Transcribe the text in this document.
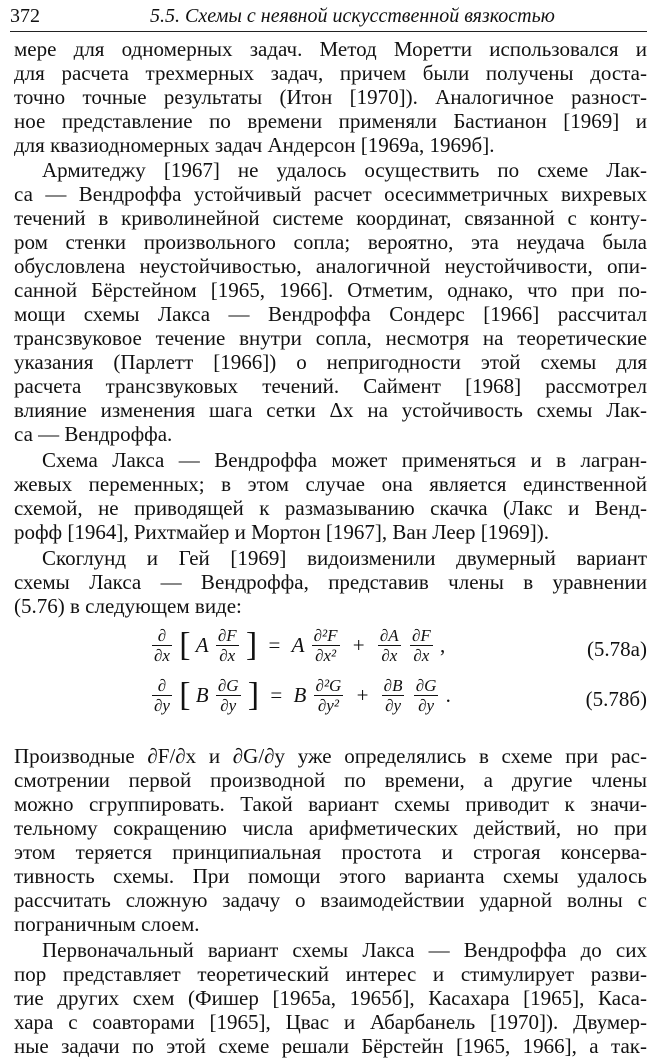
372	5.5. Схемы с неявной искусственной вязкостью
мере для одномерных задач. Метод Моретти использовался и
для расчета трехмерных задач, причем были получены доста-
точно точные результаты (Итон [1970]). Аналогичное разност-
ное представление по времени применяли Бастианон [1969] и
для квазиодномерных задач Андерсон [1969а, 1969б].
Армитеджу [1967] не удалось осуществить по схеме Лак-
са — Вендроффа устойчивый расчет осесимметричных вихревых
течений в криволинейной системе координат, связанной с конту-
ром стенки произвольного сопла; вероятно, эта неудача была
обусловлена неустойчивостью, аналогичной неустойчивости, опи-
санной Бёрстейном [1965, 1966]. Отметим, однако, что при по-
мощи схемы Лакса — Вендроффа Сондерс [1966] рассчитал
трансзвуковое течение внутри сопла, несмотря на теоретические
указания (Парлетт [1966]) о непригодности этой схемы для
расчета трансзвуковых течений. Саймент [1968] рассмотрел
влияние изменения шага сетки Δx на устойчивость схемы Лак-
са — Вендроффа.
Схема Лакса — Вендроффа может применяться и в лагран-
жевых переменных; в этом случае она является единственной
схемой, не приводящей к размазыванию скачка (Лакс и Венд-
рофф [1964], Рихтмайер и Мортон [1967], Ван Леер [1969]).
Скоглунд и Гей [1969] видоизменили двумерный вариант
схемы Лакса — Вендроффа, представив члены в уравнении
(5.76) в следующем виде:
$\frac{\partial}{\partial x}$ [ A $\frac{\partial F}{\partial x}$ ] = A $\frac{\text{∂²F}}{\text{∂x²}} + \frac{\partial A}{\partial x}$
$\frac{\partial F}{\partial x}$ ,	(5.78а)
$\frac{\partial}{\partial y}$ [ B $\frac{\partial G}{\partial y}$ ] = B $\frac{\text{∂²G}}{\text{∂y²}} + \frac{\partial B}{\partial y}$
$\frac{\partial G}{\partial y}$ .	(5.78б)
Производные ∂F/∂x и ∂G/∂y уже определялись в схеме при рас-
смотрении первой производной по времени, а другие члены
можно сгруппировать. Такой вариант схемы приводит к значи-
тельному сокращению числа арифметических действий, но при
этом теряется принципиальная простота и строгая консерва-
тивность схемы. При помощи этого варианта схемы удалось
рассчитать сложную задачу о взаимодействии ударной волны с
пограничным слоем.
Первоначальный вариант схемы Лакса — Вендроффа до сих
пор представляет теоретический интерес и стимулирует разви-
тие других схем (Фишер [1965а, 1965б], Касахара [1965], Каса-
хара с соавторами [1965], Цвас и Абарбанель [1970]). Двумер-
ные задачи по этой схеме решали Бёрстейн [1965, 1966], а так-
